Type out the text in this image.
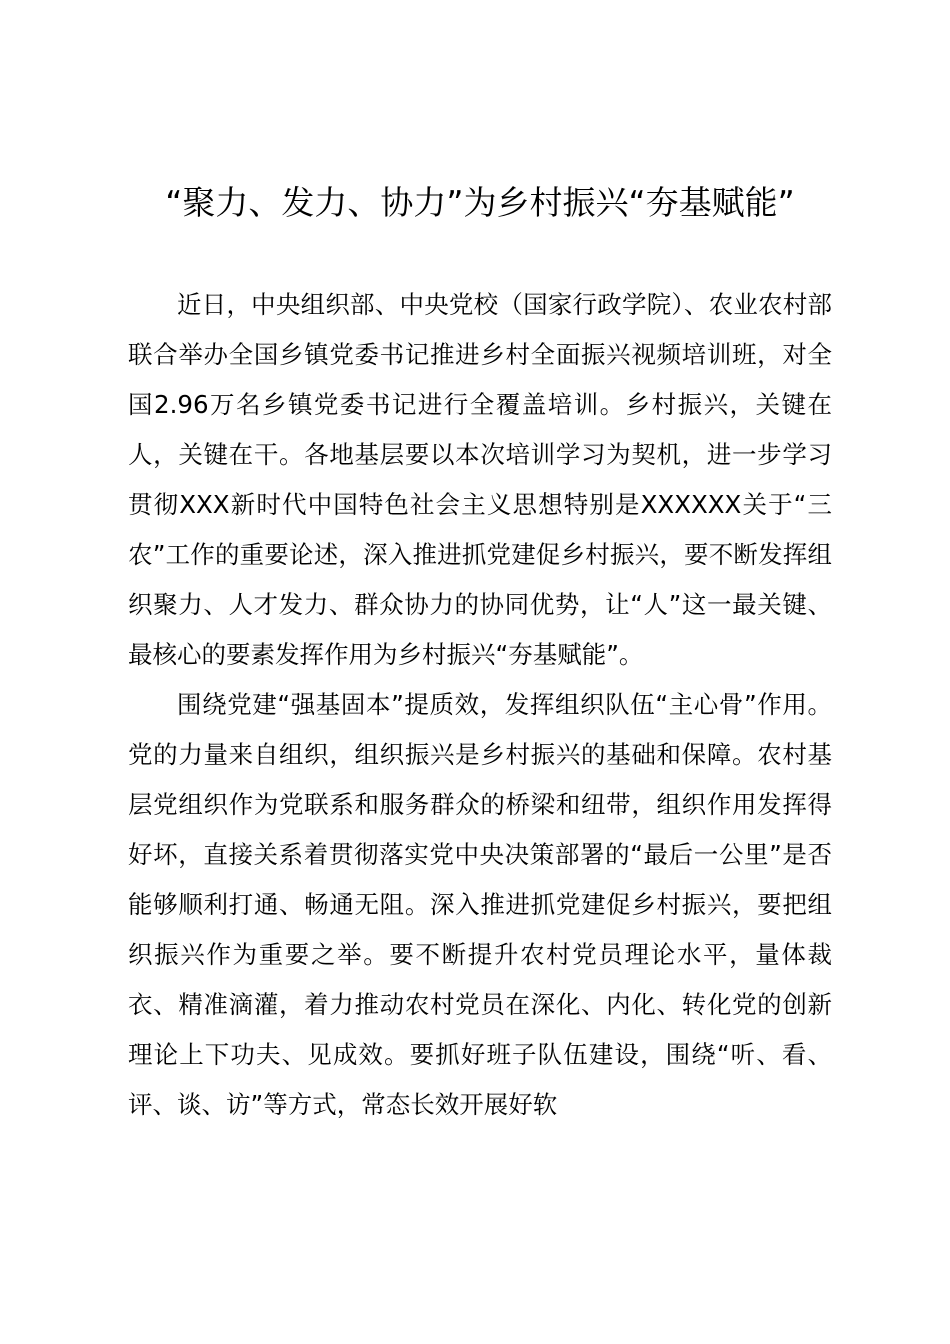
“聚力、发力、协力”为乡村振兴“夯基赋能”

近日，中央组织部、中央党校（国家行政学院）、农业农村部联合举办全国乡镇党委书记推进乡村全面振兴视频培训班，对全国2.96万名乡镇党委书记进行全覆盖培训。乡村振兴，关键在人，关键在干。各地基层要以本次培训学习为契机，进一步学习贯彻XXX新时代中国特色社会主义思想特别是XXXXXX关于“三农”工作的重要论述，深入推进抓党建促乡村振兴，要不断发挥组织聚力、人才发力、群众协力的协同优势，让“人”这一最关键、最核心的要素发挥作用为乡村振兴“夯基赋能”。

围绕党建“强基固本”提质效，发挥组织队伍“主心骨”作用。党的力量来自组织，组织振兴是乡村振兴的基础和保障。农村基层党组织作为党联系和服务群众的桥梁和纽带，组织作用发挥得好坏，直接关系着贯彻落实党中央决策部署的“最后一公里”是否能够顺利打通、畅通无阻。深入推进抓党建促乡村振兴，要把组织振兴作为重要之举。要不断提升农村党员理论水平，量体裁衣、精准滴灌，着力推动农村党员在深化、内化、转化党的创新理论上下功夫、见成效。要抓好班子队伍建设，围绕“听、看、评、谈、访”等方式，常态长效开展好软
